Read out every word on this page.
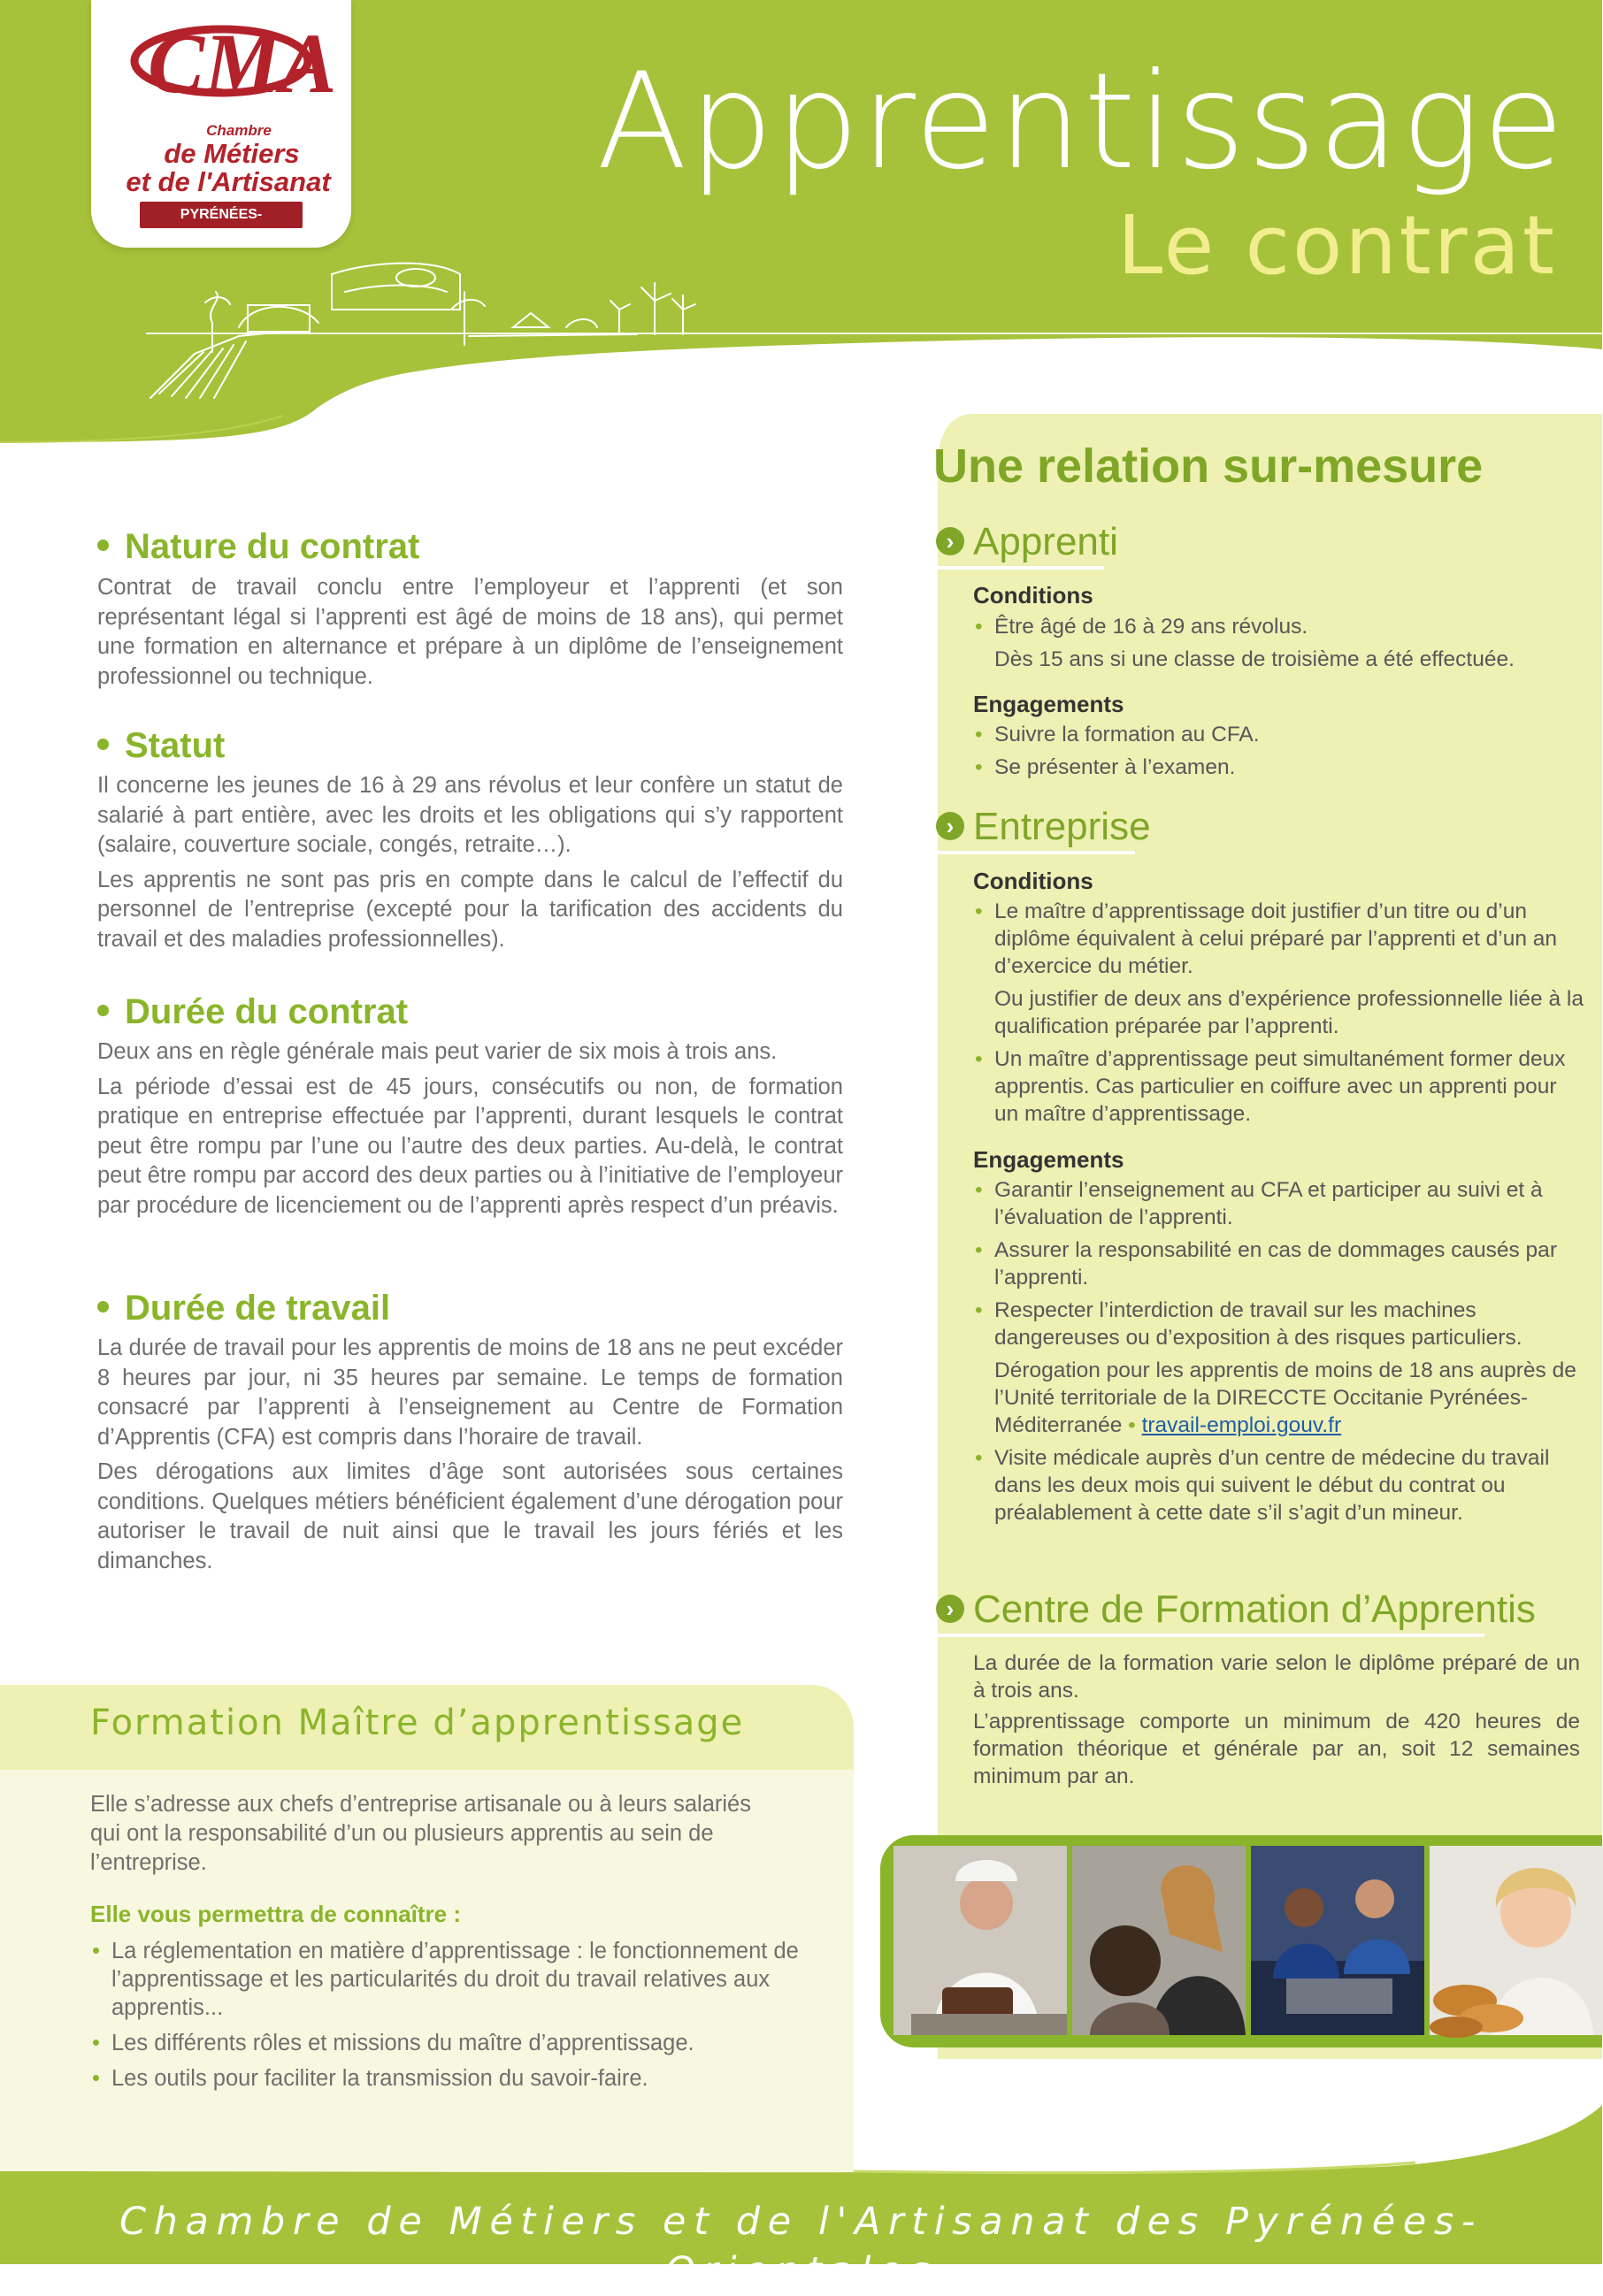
CMA
Chambre
de Métiers
et de l'Artisanat
PYRÉNÉES-ORIENTALES
Apprentissage
Le contrat
Nature du contrat

Contrat de travail conclu entre l’employeur et l’apprenti (et son représentant légal si l’apprenti est âgé de moins de 18 ans), qui permet une formation en alternance et prépare à un diplôme de l’enseignement professionnel ou technique.

Statut

Il concerne les jeunes de 16 à 29 ans révolus et leur confère un statut de salarié à part entière, avec les droits et les obligations qui s’y rapportent (salaire, couverture sociale, congés, retraite…).

Les apprentis ne sont pas pris en compte dans le calcul de l’effectif du personnel de l’entreprise (excepté pour la tarification des accidents du travail et des maladies professionnelles).

Durée du contrat

Deux ans en règle générale mais peut varier de six mois à trois ans.

La période d’essai est de 45 jours, consécutifs ou non, de formation pratique en entreprise effectuée par l’apprenti, durant lesquels le contrat peut être rompu par l’une ou l’autre des deux parties. Au-delà, le contrat peut être rompu par accord des deux parties ou à l’initiative de l’employeur par procédure de licenciement ou de l’apprenti après respect d’un préavis.

Durée de travail

La durée de travail pour les apprentis de moins de 18 ans ne peut excéder 8 heures par jour, ni 35 heures par semaine. Le temps de formation consacré par l’apprenti à l’enseignement au Centre de Formation d’Apprentis (CFA) est compris dans l’horaire de travail.

Des dérogations aux limites d’âge sont autorisées sous certaines conditions. Quelques métiers bénéficient également d’une dérogation pour autoriser le travail de nuit ainsi que le travail les jours fériés et les dimanches.

Une relation sur-mesure
› Apprenti
Conditions
• Être âgé de 16 à 29 ans révolus.
Dès 15 ans si une classe de troisième a été effectuée.
Engagements
• Suivre la formation au CFA.
• Se présenter à l’examen.
› Entreprise
Conditions
• Le maître d’apprentissage doit justifier d’un titre ou d’un diplôme équivalent à celui préparé par l’apprenti et d’un an d’exercice du métier.
Ou justifier de deux ans d’expérience professionnelle liée à la qualification préparée par l’apprenti.
• Un maître d’apprentissage peut simultanément former deux apprentis. Cas particulier en coiffure avec un apprenti pour un maître d’apprentissage.
Engagements
• Garantir l’enseignement au CFA et participer au suivi et à l’évaluation de l’apprenti.
• Assurer la responsabilité en cas de dommages causés par l’apprenti.
• Respecter l’interdiction de travail sur les machines dangereuses ou d’exposition à des risques particuliers.
Dérogation pour les apprentis de moins de 18 ans auprès de l’Unité territoriale de la DIRECCTE Occitanie Pyrénées-Méditerranée • travail-emploi.gouv.fr
• Visite médicale auprès d’un centre de médecine du travail dans les deux mois qui suivent le début du contrat ou préalablement à cette date s’il s’agit d’un mineur.
› Centre de Formation d’Apprentis

La durée de la formation varie selon le diplôme préparé de un à trois ans.

L’apprentissage comporte un minimum de 420 heures de formation théorique et générale par an, soit 12 semaines minimum par an.

Formation Maître d’apprentissage
Elle s’adresse aux chefs d’entreprise artisanale ou à leurs salariés qui ont la responsabilité d’un ou plusieurs apprentis au sein de l’entreprise.
Elle vous permettra de connaître :
• La réglementation en matière d’apprentissage : le fonctionnement de l’apprentissage et les particularités du droit du travail relatives aux apprentis...
• Les différents rôles et missions du maître d’apprentissage.
• Les outils pour faciliter la transmission du savoir-faire.
Chambre de Métiers et de l'Artisanat des Pyrénées-Orientales
